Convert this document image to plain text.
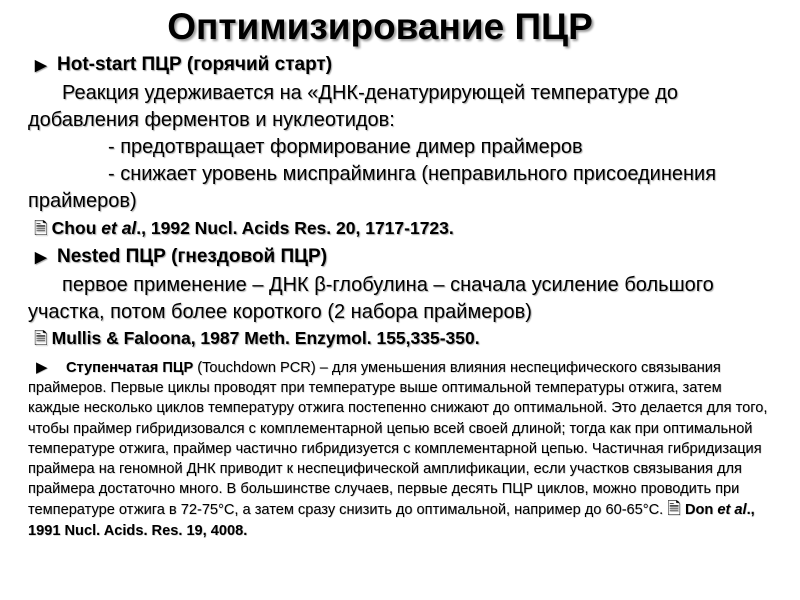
Оптимизирование ПЦР
▶ Hot-start ПЦР (горячий старт)
Реакция удерживается на «ДНК-денатурирующей температуре до
добавления ферментов и нуклеотидов:
- предотвращает формирование димер праймеров
- снижает уровень миспрайминга (неправильного присоединения
праймеров)
🗎 Chou et al., 1992 Nucl. Acids Res. 20, 1717-1723.
▶ Nested ПЦР (гнездовой ПЦР)
первое применение – ДНК β-глобулина – сначала усиление большого
участка, потом более короткого (2 набора праймеров)
🗎 Mullis & Faloona, 1987 Meth. Enzymol. 155,335-350.
▶ Ступенчатая ПЦР (Touchdown PCR) – для уменьшения влияния неспецифического связывания праймеров. Первые циклы проводят при температуре выше оптимальной температуры отжига, затем каждые несколько циклов температуру отжига постепенно снижают до оптимальной. Это делается для того, чтобы праймер гибридизовался с комплементарной цепью всей своей длиной; тогда как при оптимальной температуре отжига, праймер частично гибридизуется с комплементарной цепью. Частичная гибридизация праймера на геномной ДНК приводит к неспецифической амплификации, если участков связывания для праймера достаточно много. В большинстве случаев, первые десять ПЦР циклов, можно проводить при температуре отжига в 72-75°C, а затем сразу снизить до оптимальной, например до 60-65°C. 🗎 Don et al., 1991 Nucl. Acids. Res. 19, 4008.
